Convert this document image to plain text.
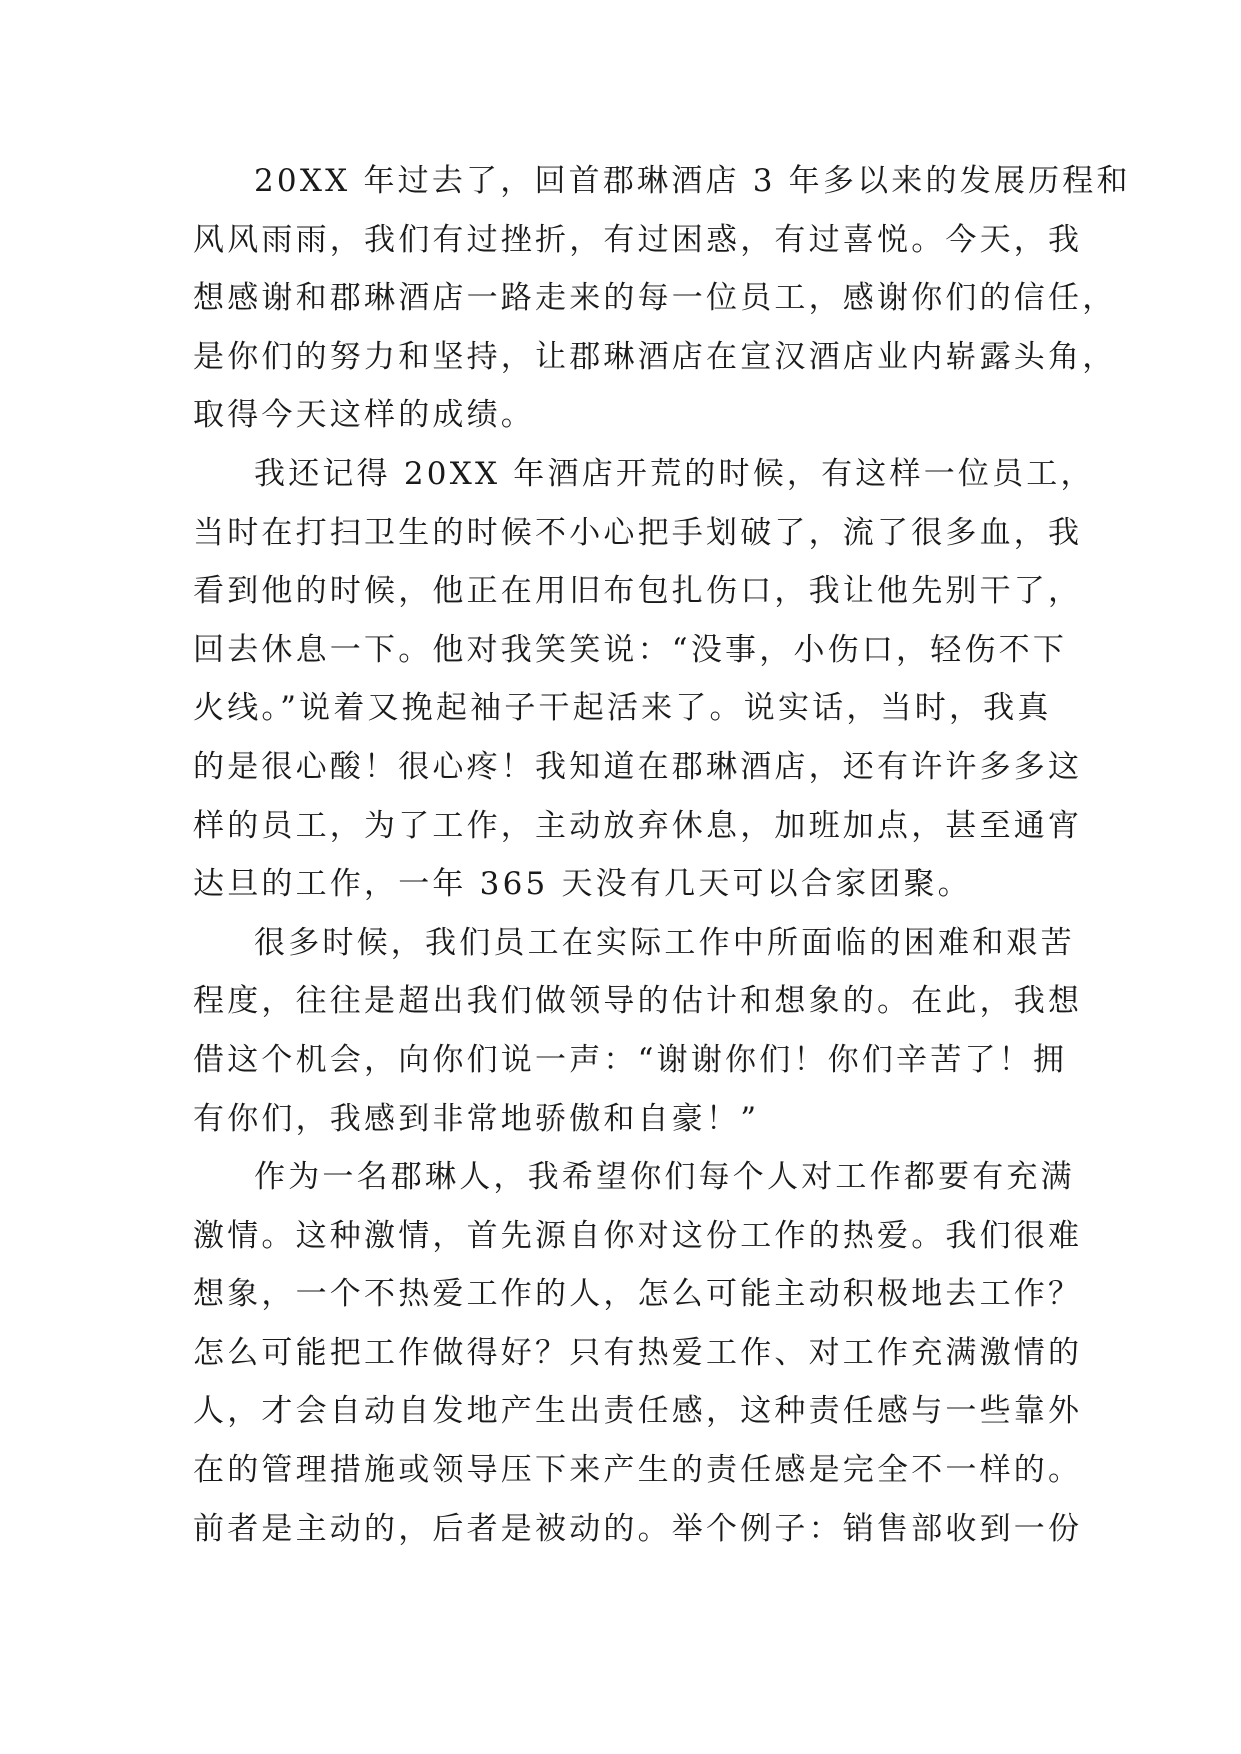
20XX 年过去了，回首郡琳酒店 3 年多以来的发展历程和
风风雨雨，我们有过挫折，有过困惑，有过喜悦。今天，我
想感谢和郡琳酒店一路走来的每一位员工，感谢你们的信任，
是你们的努力和坚持，让郡琳酒店在宣汉酒店业内崭露头角，
取得今天这样的成绩。
我还记得 20XX 年酒店开荒的时候，有这样一位员工，
当时在打扫卫生的时候不小心把手划破了，流了很多血，我
看到他的时候，他正在用旧布包扎伤口，我让他先别干了，
回去休息一下。他对我笑笑说：“没事，小伤口，轻伤不下
火线。”说着又挽起袖子干起活来了。说实话，当时，我真
的是很心酸！很心疼！我知道在郡琳酒店，还有许许多多这
样的员工，为了工作，主动放弃休息，加班加点，甚至通宵
达旦的工作，一年 365 天没有几天可以合家团聚。
很多时候，我们员工在实际工作中所面临的困难和艰苦
程度，往往是超出我们做领导的估计和想象的。在此，我想
借这个机会，向你们说一声：“谢谢你们！你们辛苦了！拥
有你们，我感到非常地骄傲和自豪！”
作为一名郡琳人，我希望你们每个人对工作都要有充满
激情。这种激情，首先源自你对这份工作的热爱。我们很难
想象，一个不热爱工作的人，怎么可能主动积极地去工作？
怎么可能把工作做得好？只有热爱工作、对工作充满激情的
人，才会自动自发地产生出责任感，这种责任感与一些靠外
在的管理措施或领导压下来产生的责任感是完全不一样的。
前者是主动的，后者是被动的。举个例子：销售部收到一份
